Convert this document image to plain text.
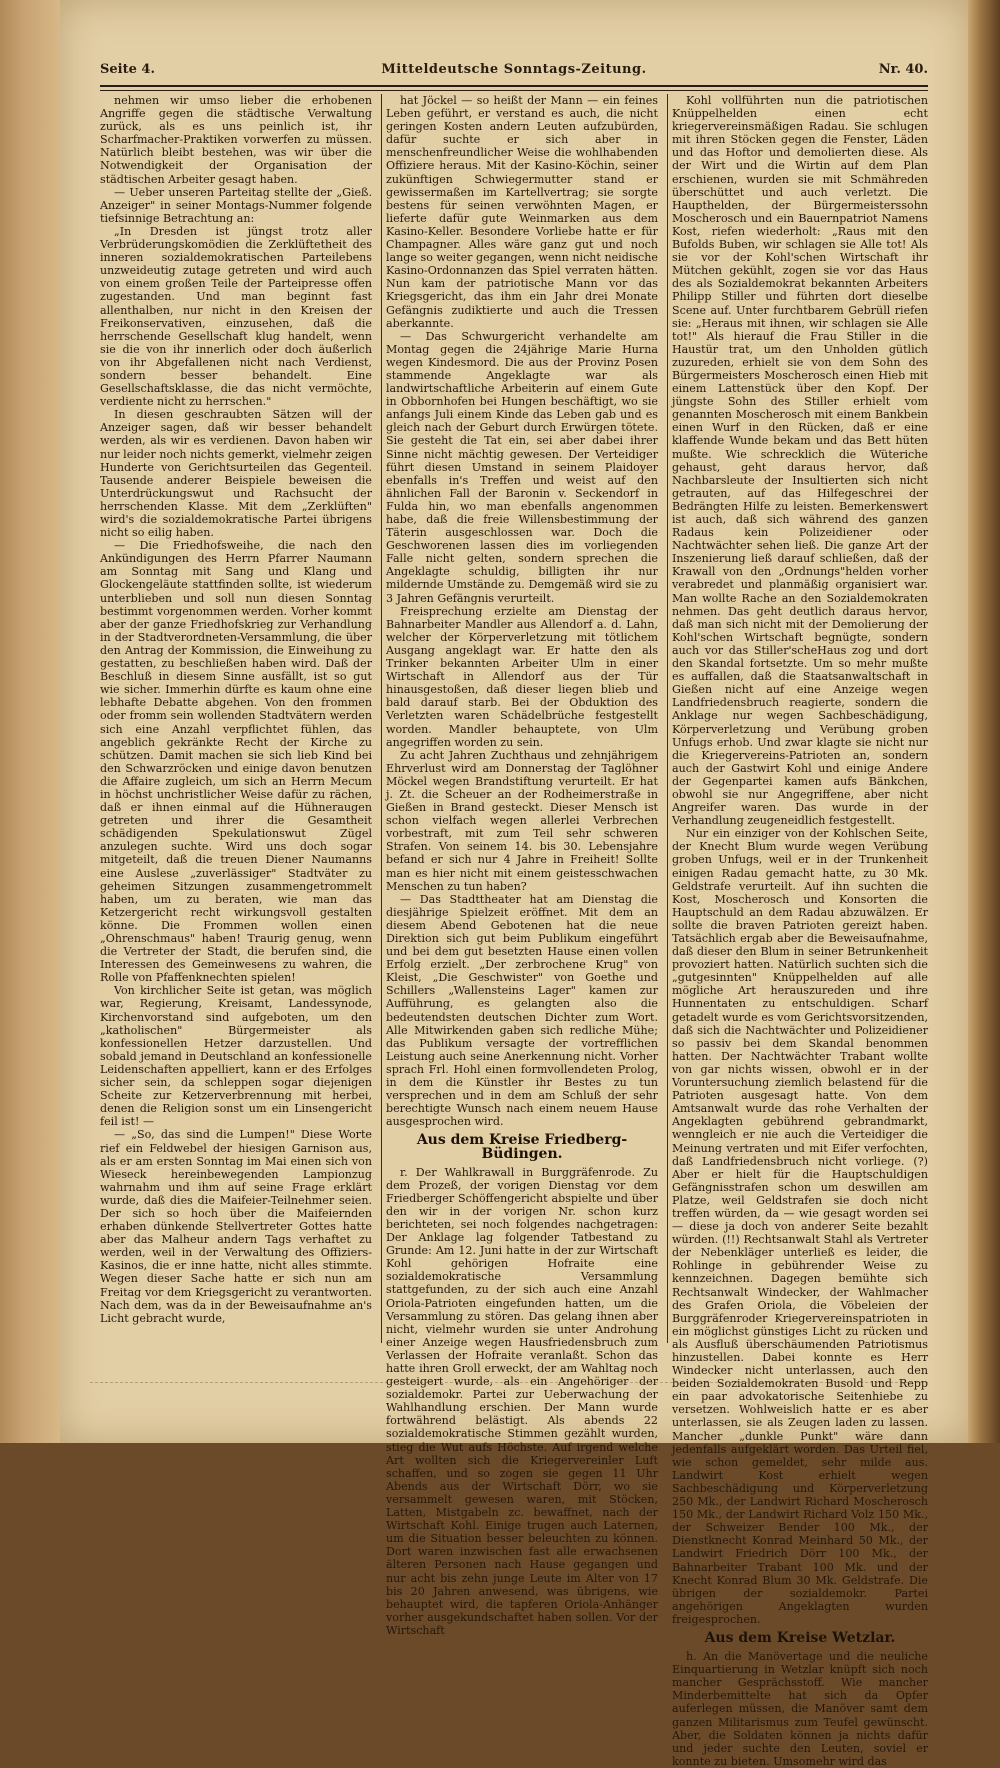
Seite 4.	Mitteldeutsche Sonntags-Zeitung.	Nr. 40.

nehmen wir umso lieber die erhobenen Angriffe gegen die städtische Verwaltung zurück, als es uns peinlich ist, ihr Scharfmacher-Praktiken vorwerfen zu müssen. Natürlich bleibt bestehen, was wir über die Notwendigkeit der Organisation der städtischen Arbeiter gesagt haben.

— Ueber unseren Parteitag stellte der „Gieß. Anzeiger" in seiner Montags-Nummer folgende tiefsinnige Betrachtung an:

„In Dresden ist jüngst trotz aller Verbrüderungskomödien die Zerklüftetheit des inneren sozialdemokratischen Parteilebens unzweideutig zutage getreten und wird auch von einem großen Teile der Parteipresse offen zugestanden. Und man beginnt fast allenthalben, nur nicht in den Kreisen der Freikonservativen, einzusehen, daß die herrschende Gesellschaft klug handelt, wenn sie die von ihr innerlich oder doch äußerlich von ihr Abgefallenen nicht nach Verdienst, sondern besser behandelt. Eine Gesellschaftsklasse, die das nicht vermöchte, verdiente nicht zu herrschen."

In diesen geschraubten Sätzen will der Anzeiger sagen, daß wir besser behandelt werden, als wir es verdienen. Davon haben wir nur leider noch nichts gemerkt, vielmehr zeigen Hunderte von Gerichtsurteilen das Gegenteil. Tausende anderer Beispiele beweisen die Unterdrückungswut und Rachsucht der herrschenden Klasse. Mit dem „Zerklüften" wird's die sozialdemokratische Partei übrigens nicht so eilig haben.

— Die Friedhofsweihe, die nach den Ankündigungen des Herrn Pfarrer Naumann am Sonntag mit Sang und Klang und Glockengeläute stattfinden sollte, ist wiederum unterblieben und soll nun diesen Sonntag bestimmt vorgenommen werden. Vorher kommt aber der ganze Friedhofskrieg zur Verhandlung in der Stadtverordneten-Versammlung, die über den Antrag der Kommission, die Einweihung zu gestatten, zu beschließen haben wird. Daß der Beschluß in diesem Sinne ausfällt, ist so gut wie sicher. Immerhin dürfte es kaum ohne eine lebhafte Debatte abgehen. Von den frommen oder fromm sein wollenden Stadtvätern werden sich eine Anzahl verpflichtet fühlen, das angeblich gekränkte Recht der Kirche zu schützen. Damit machen sie sich lieb Kind bei den Schwarzröcken und einige davon benutzen die Affaire zugleich, um sich an Herrn Mecum in höchst unchristlicher Weise dafür zu rächen, daß er ihnen einmal auf die Hühneraugen getreten und ihrer die Gesamtheit schädigenden Spekulationswut Zügel anzulegen suchte. Wird uns doch sogar mitgeteilt, daß die treuen Diener Naumanns eine Auslese „zuverlässiger" Stadtväter zu geheimen Sitzungen zusammengetrommelt haben, um zu beraten, wie man das Ketzergericht recht wirkungsvoll gestalten könne. Die Frommen wollen einen „Ohrenschmaus" haben! Traurig genug, wenn die Vertreter der Stadt, die berufen sind, die Interessen des Gemeinwesens zu wahren, die Rolle von Pfaffenknechten spielen!

Von kirchlicher Seite ist getan, was möglich war, Regierung, Kreisamt, Landessynode, Kirchenvorstand sind aufgeboten, um den „katholischen" Bürgermeister als konfessionellen Hetzer darzustellen. Und sobald jemand in Deutschland an konfessionelle Leidenschaften appelliert, kann er des Erfolges sicher sein, da schleppen sogar diejenigen Scheite zur Ketzerverbrennung mit herbei, denen die Religion sonst um ein Linsengericht feil ist! —

— „So, das sind die Lumpen!" Diese Worte rief ein Feldwebel der hiesigen Garnison aus, als er am ersten Sonntag im Mai einen sich von Wieseck hereinbewegenden Lampionzug wahrnahm und ihm auf seine Frage erklärt wurde, daß dies die Maifeier-Teilnehmer seien. Der sich so hoch über die Maifeiernden erhaben dünkende Stellvertreter Gottes hatte aber das Malheur andern Tags verhaftet zu werden, weil in der Verwaltung des Offiziers-Kasinos, die er inne hatte, nicht alles stimmte. Wegen dieser Sache hatte er sich nun am Freitag vor dem Kriegsgericht zu verantworten. Nach dem, was da in der Beweisaufnahme an's Licht gebracht wurde,

hat Jöckel — so heißt der Mann — ein feines Leben geführt, er verstand es auch, die nicht geringen Kosten andern Leuten aufzubürden, dafür suchte er sich aber in menschenfreundlicher Weise die wohlhabenden Offiziere heraus. Mit der Kasino-Köchin, seiner zukünftigen Schwiegermutter stand er gewissermaßen im Kartellvertrag; sie sorgte bestens für seinen verwöhnten Magen, er lieferte dafür gute Weinmarken aus dem Kasino-Keller. Besondere Vorliebe hatte er für Champagner. Alles wäre ganz gut und noch lange so weiter gegangen, wenn nicht neidische Kasino-Ordonnanzen das Spiel verraten hätten. Nun kam der patriotische Mann vor das Kriegsgericht, das ihm ein Jahr drei Monate Gefängnis zudiktierte und auch die Tressen aberkannte.

— Das Schwurgericht verhandelte am Montag gegen die 24jährige Marie Hurna wegen Kindesmord. Die aus der Provinz Posen stammende Angeklagte war als landwirtschaftliche Arbeiterin auf einem Gute in Obbornhofen bei Hungen beschäftigt, wo sie anfangs Juli einem Kinde das Leben gab und es gleich nach der Geburt durch Erwürgen tötete. Sie gesteht die Tat ein, sei aber dabei ihrer Sinne nicht mächtig gewesen. Der Verteidiger führt diesen Umstand in seinem Plaidoyer ebenfalls in's Treffen und weist auf den ähnlichen Fall der Baronin v. Seckendorf in Fulda hin, wo man ebenfalls angenommen habe, daß die freie Willensbestimmung der Täterin ausgeschlossen war. Doch die Geschworenen lassen dies im vorliegenden Falle nicht gelten, sondern sprechen die Angeklagte schuldig, billigten ihr nur mildernde Umstände zu. Demgemäß wird sie zu 3 Jahren Gefängnis verurteilt.

Freisprechung erzielte am Dienstag der Bahnarbeiter Mandler aus Allendorf a. d. Lahn, welcher der Körperverletzung mit tötlichem Ausgang angeklagt war. Er hatte den als Trinker bekannten Arbeiter Ulm in einer Wirtschaft in Allendorf aus der Tür hinausgestoßen, daß dieser liegen blieb und bald darauf starb. Bei der Obduktion des Verletzten waren Schädelbrüche festgestellt worden. Mandler behauptete, von Ulm angegriffen worden zu sein.

Zu acht Jahren Zuchthaus und zehnjährigem Ehrverlust wird am Donnerstag der Taglöhner Möckel wegen Brandstiftung verurteilt. Er hat j. Zt. die Scheuer an der Rodheimerstraße in Gießen in Brand gesteckt. Dieser Mensch ist schon vielfach wegen allerlei Verbrechen vorbestraft, mit zum Teil sehr schweren Strafen. Von seinem 14. bis 30. Lebensjahre befand er sich nur 4 Jahre in Freiheit! Sollte man es hier nicht mit einem geistesschwachen Menschen zu tun haben?

— Das Stadttheater hat am Dienstag die diesjährige Spielzeit eröffnet. Mit dem an diesem Abend Gebotenen hat die neue Direktion sich gut beim Publikum eingeführt und bei dem gut besetzten Hause einen vollen Erfolg erzielt. „Der zerbrochene Krug" von Kleist, „Die Geschwister" von Goethe und Schillers „Wallensteins Lager" kamen zur Aufführung, es gelangten also die bedeutendsten deutschen Dichter zum Wort. Alle Mitwirkenden gaben sich redliche Mühe; das Publikum versagte der vortrefflichen Leistung auch seine Anerkennung nicht. Vorher sprach Frl. Hohl einen formvollendeten Prolog, in dem die Künstler ihr Bestes zu tun versprechen und in dem am Schluß der sehr berechtigte Wunsch nach einem neuem Hause ausgesprochen wird.

Aus dem Kreise Friedberg-Büdingen.

r. Der Wahlkrawall in Burggräfenrode. Zu dem Prozeß, der vorigen Dienstag vor dem Friedberger Schöffengericht abspielte und über den wir in der vorigen Nr. schon kurz berichteten, sei noch folgendes nachgetragen: Der Anklage lag folgender Tatbestand zu Grunde: Am 12. Juni hatte in der zur Wirtschaft Kohl gehörigen Hofraite eine sozialdemokratische Versammlung stattgefunden, zu der sich auch eine Anzahl Oriola-Patrioten eingefunden hatten, um die Versammlung zu stören. Das gelang ihnen aber nicht, vielmehr wurden sie unter Androhung einer Anzeige wegen Hausfriedensbruch zum Verlassen der Hofraite veranlaßt. Schon das hatte ihren Groll erweckt, der am Wahltag noch gesteigert wurde, als ein Angehöriger der sozialdemokr. Partei zur Ueberwachung der Wahlhandlung erschien. Der Mann wurde fortwährend belästigt. Als abends 22 sozialdemokratische Stimmen gezählt wurden, stieg die Wut aufs Höchste. Auf irgend welche Art wollten sich die Kriegervereinler Luft schaffen, und so zogen sie gegen 11 Uhr Abends aus der Wirtschaft Dörr, wo sie versammelt gewesen waren, mit Stöcken, Latten, Mistgabeln zc. bewaffnet, nach der Wirtschaft Kohl. Einige trugen auch Laternen, um die Situation besser beleuchten zu können. Dort waren inzwischen fast alle erwachsenen älteren Personen nach Hause gegangen und nur acht bis zehn junge Leute im Alter von 17 bis 20 Jahren anwesend, was übrigens, wie behauptet wird, die tapferen Oriola-Anhänger vorher ausgekundschaftet haben sollen. Vor der Wirtschaft

Kohl vollführten nun die patriotischen Knüppelhelden einen echt kriegervereinsmäßigen Radau. Sie schlugen mit ihren Stöcken gegen die Fenster, Läden und das Hoftor und demolierten diese. Als der Wirt und die Wirtin auf dem Plan erschienen, wurden sie mit Schmähreden überschüttet und auch verletzt. Die Haupthelden, der Bürgermeisterssohn Moscherosch und ein Bauernpatriot Namens Kost, riefen wiederholt: „Raus mit den Bufolds Buben, wir schlagen sie Alle tot! Als sie vor der Kohl'schen Wirtschaft ihr Mütchen gekühlt, zogen sie vor das Haus des als Sozialdemokrat bekannten Arbeiters Philipp Stiller und führten dort dieselbe Scene auf. Unter furchtbarem Gebrüll riefen sie: „Heraus mit ihnen, wir schlagen sie Alle tot!" Als hierauf die Frau Stiller in die Haustür trat, um den Unholden gütlich zuzureden, erhielt sie von dem Sohn des Bürgermeisters Moscherosch einen Hieb mit einem Lattenstück über den Kopf. Der jüngste Sohn des Stiller erhielt vom genannten Moscherosch mit einem Bankbein einen Wurf in den Rücken, daß er eine klaffende Wunde bekam und das Bett hüten mußte. Wie schrecklich die Wüteriche gehaust, geht daraus hervor, daß Nachbarsleute der Insultierten sich nicht getrauten, auf das Hilfegeschrei der Bedrängten Hilfe zu leisten. Bemerkenswert ist auch, daß sich während des ganzen Radaus kein Polizeidiener oder Nachtwächter sehen ließ. Die ganze Art der Inszenierung ließ darauf schließen, daß der Krawall von den „Ordnungs"helden vorher verabredet und planmäßig organisiert war. Man wollte Rache an den Sozialdemokraten nehmen. Das geht deutlich daraus hervor, daß man sich nicht mit der Demolierung der Kohl'schen Wirtschaft begnügte, sondern auch vor das Stiller'scheHaus zog und dort den Skandal fortsetzte. Um so mehr mußte es auffallen, daß die Staatsanwaltschaft in Gießen nicht auf eine Anzeige wegen Landfriedensbruch reagierte, sondern die Anklage nur wegen Sachbeschädigung, Körperverletzung und Verübung groben Unfugs erhob. Und zwar klagte sie nicht nur die Kriegervereins-Patrioten an, sondern auch der Gastwirt Kohl und einige Andere der Gegenpartei kamen aufs Bänkchen, obwohl sie nur Angegriffene, aber nicht Angreifer waren. Das wurde in der Verhandlung zeugeneidlich festgestellt.

Nur ein einziger von der Kohlschen Seite, der Knecht Blum wurde wegen Verübung groben Unfugs, weil er in der Trunkenheit einigen Radau gemacht hatte, zu 30 Mk. Geldstrafe verurteilt. Auf ihn suchten die Kost, Moscherosch und Konsorten die Hauptschuld an dem Radau abzuwälzen. Er sollte die braven Patrioten gereizt haben. Tatsächlich ergab aber die Beweisaufnahme, daß dieser den Blum in seiner Betrunkenheit provoziert hatten. Natürlich suchten sich die „gutgesinnten" Knüppelhelden auf alle mögliche Art herauszureden und ihre Hunnentaten zu entschuldigen. Scharf getadelt wurde es vom Gerichtsvorsitzenden, daß sich die Nachtwächter und Polizeidiener so passiv bei dem Skandal benommen hatten. Der Nachtwächter Trabant wollte von gar nichts wissen, obwohl er in der Voruntersuchung ziemlich belastend für die Patrioten ausgesagt hatte. Von dem Amtsanwalt wurde das rohe Verhalten der Angeklagten gebührend gebrandmarkt, wenngleich er nie auch die Verteidiger die Meinung vertraten und mit Eifer verfochten, daß Landfriedensbruch nicht vorliege. (?) Aber er hielt für die Hauptschuldigen Gefängnisstrafen schon um deswillen am Platze, weil Geldstrafen sie doch nicht treffen würden, da — wie gesagt worden sei — diese ja doch von anderer Seite bezahlt würden. (!!) Rechtsanwalt Stahl als Vertreter der Nebenkläger unterließ es leider, die Rohlinge in gebührender Weise zu kennzeichnen. Dagegen bemühte sich Rechtsanwalt Windecker, der Wahlmacher des Grafen Oriola, die Vöbeleien der Burggräfenroder Kriegervereinspatrioten in ein möglichst günstiges Licht zu rücken und als Ausfluß überschäumenden Patriotismus hinzustellen. Dabei konnte es Herr Windecker nicht unterlassen, auch den beiden Sozialdemokraten Busold und Repp ein paar advokatorische Seitenhiebe zu versetzen. Wohlweislich hatte er es aber unterlassen, sie als Zeugen laden zu lassen. Mancher „dunkle Punkt" wäre dann jedenfalls aufgeklärt worden. Das Urteil fiel, wie schon gemeldet, sehr milde aus. Landwirt Kost erhielt wegen Sachbeschädigung und Körperverletzung 250 Mk., der Landwirt Richard Moscherosch 150 Mk., der Landwirt Richard Volz 150 Mk., der Schweizer Bender 100 Mk., der Dienstknecht Konrad Meinhard 50 Mk., der Landwirt Friedrich Dörr 100 Mk., der Bahnarbeiter Trabant 100 Mk. und der Knecht Konrad Blum 30 Mk. Geldstrafe. Die übrigen der sozialdemokr. Partei angehörigen Angeklagten wurden freigesprochen.

Aus dem Kreise Wetzlar.

h. An die Manövertage und die neuliche Einquartierung in Wetzlar knüpft sich noch mancher Gesprächsstoff. Wie mancher Minderbemittelte hat sich da Opfer auferlegen müssen, die Manöver samt dem ganzen Militarismus zum Teufel gewünscht. Aber, die Soldaten können ja nichts dafür und jeder suchte den Leuten, soviel er konnte zu bieten. Umsomehr wird das
